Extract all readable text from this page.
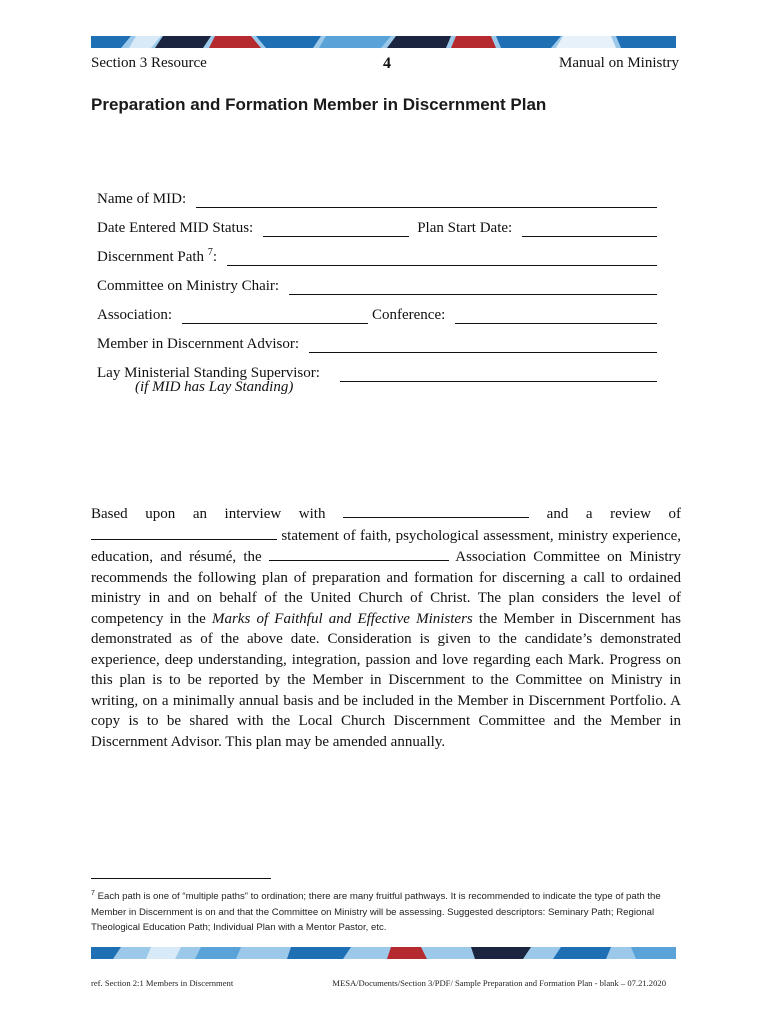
Section 3 Resource	4	Manual on Ministry
Preparation and Formation Member in Discernment Plan
Name of MID:
Date Entered MID Status:	Plan Start Date:
Discernment Path $^7$:
Committee on Ministry Chair:
Association:	Conference:
Member in Discernment Advisor:
Lay Ministerial Standing Supervisor:
(if MID has Lay Standing)

Based upon an interview with	and a review of  statement of faith, psychological assessment, ministry experience, education, and résumé, the	Association Committee on Ministry recommends the following plan of preparation and formation for discerning a call to ordained ministry in and on behalf of the United Church of Christ. The plan considers the level of competency in the Marks of Faithful and Effective Ministers the Member in Discernment has demonstrated as of the above date. Consideration is given to the candidate’s demonstrated experience, deep understanding, integration, passion and love regarding each Mark. Progress on this plan is to be reported by the Member in Discernment to the Committee on Ministry in writing, on a minimally annual basis and be included in the Member in Discernment Portfolio. A copy is to be shared with the Local Church Discernment Committee and the Member in Discernment Advisor. This plan may be amended annually.

$^7$ Each path is one of “multiple paths” to ordination; there are many fruitful pathways. It is recommended to indicate the type of path the Member in Discernment is on and that the Committee on Ministry will be assessing. Suggested descriptors: Seminary Path; Regional Theological Education Path; Individual Plan with a Mentor Pastor, etc.

ref. Section 2:1 Members in Discernment	MESA/Documents/Section 3/PDF/ Sample Preparation and Formation Plan - blank – 07.21.2020
